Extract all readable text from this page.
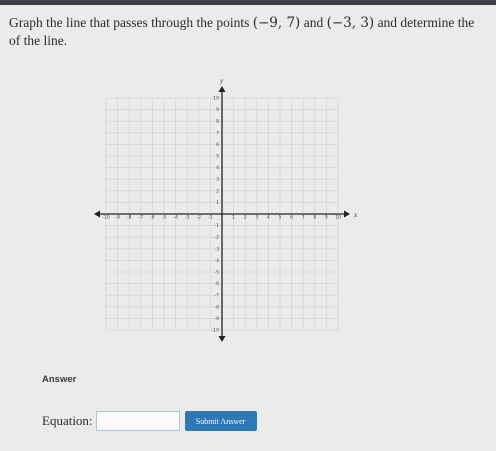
Graph the line that passes through the points (−9, 7) and (−3, 3) and determine the
of the line.
x
y
-10 -9 -8 -7 -6 -5 -4 -3 -2 -1	1 2 3 4 5 6 7 8 9 10
10
9
8
7
6
5
4
3
2
1
-1
-2
-3
-4
-5
-6
-7
-8
-9
-10
Answer
Equation:	Submit Answer
